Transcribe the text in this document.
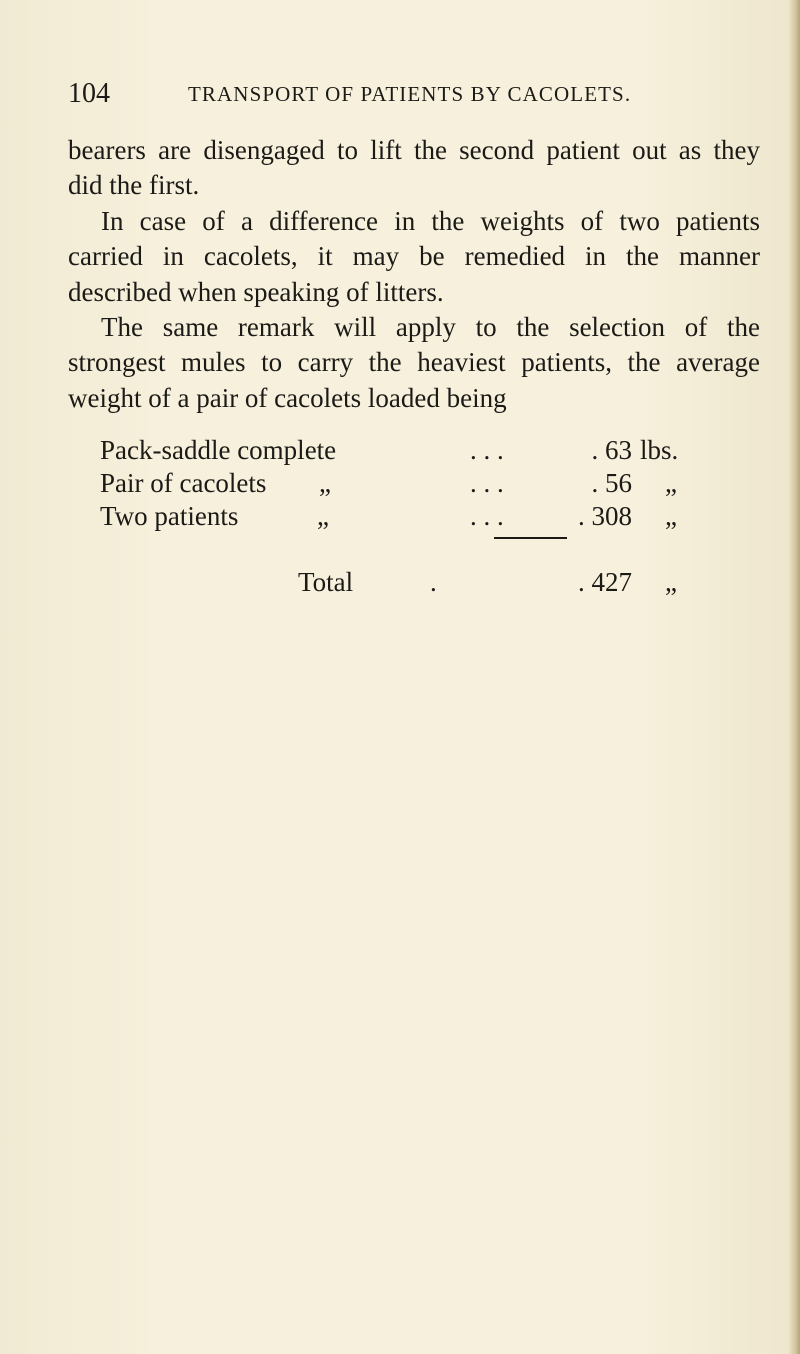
104	TRANSPORT OF PATIENTS BY CACOLETS.
bearers are disengaged to lift the second patient out as they
did the first.
In case of a difference in the weights of two patients
carried in cacolets, it may be remedied in the manner
described when speaking of litters.
The same remark will apply to the selection of the
strongest mules to carry the heaviest patients, the average
weight of a pair of cacolets loaded being
Pack-saddle complete	. . .	. 63 lbs.
Pair of cacolets „	. . .	. 56 „
Two patients	„	. . .	. 308 „
Total	.	. 427 „
